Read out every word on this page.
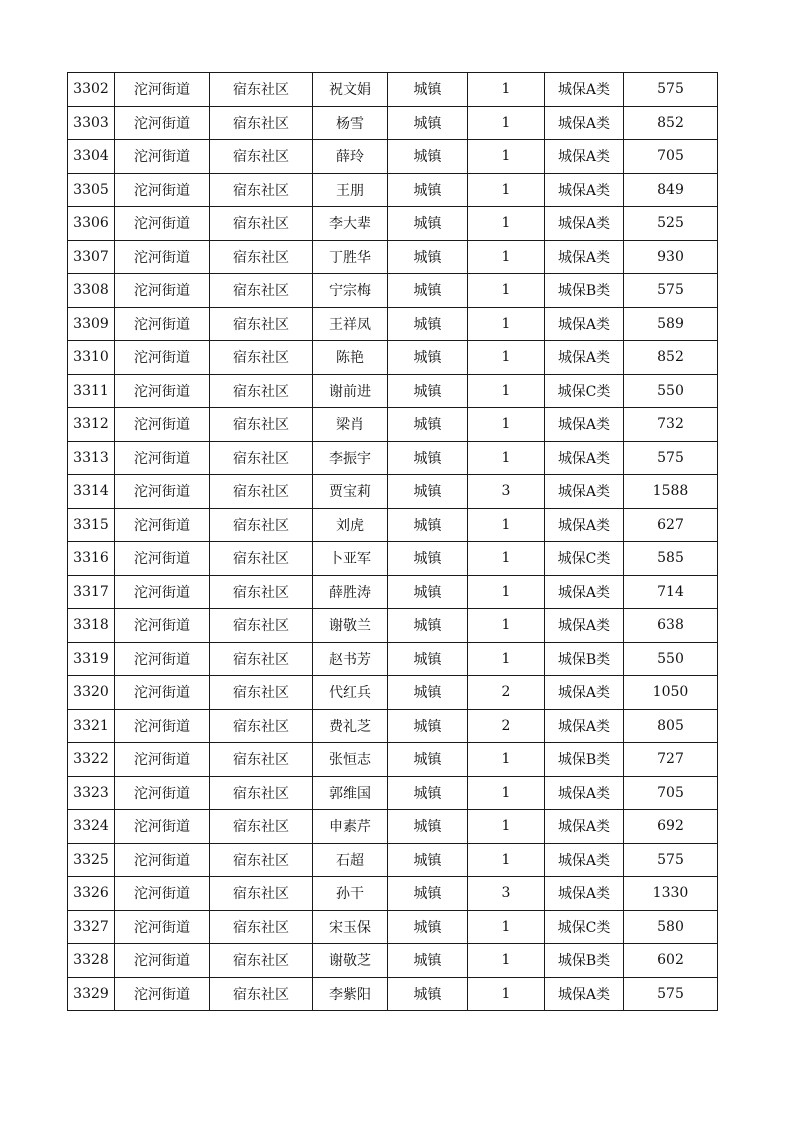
3302	沱河街道	宿东社区	祝文娟	城镇	1	城保A类	575
3303	沱河街道	宿东社区	杨雪	城镇	1	城保A类	852
3304	沱河街道	宿东社区	薛玲	城镇	1	城保A类	705
3305	沱河街道	宿东社区	王朋	城镇	1	城保A类	849
3306	沱河街道	宿东社区	李大辈	城镇	1	城保A类	525
3307	沱河街道	宿东社区	丁胜华	城镇	1	城保A类	930
3308	沱河街道	宿东社区	宁宗梅	城镇	1	城保B类	575
3309	沱河街道	宿东社区	王祥凤	城镇	1	城保A类	589
3310	沱河街道	宿东社区	陈艳	城镇	1	城保A类	852
3311	沱河街道	宿东社区	谢前进	城镇	1	城保C类	550
3312	沱河街道	宿东社区	梁肖	城镇	1	城保A类	732
3313	沱河街道	宿东社区	李振宇	城镇	1	城保A类	575
3314	沱河街道	宿东社区	贾宝莉	城镇	3	城保A类	1588
3315	沱河街道	宿东社区	刘虎	城镇	1	城保A类	627
3316	沱河街道	宿东社区	卜亚军	城镇	1	城保C类	585
3317	沱河街道	宿东社区	薛胜涛	城镇	1	城保A类	714
3318	沱河街道	宿东社区	谢敬兰	城镇	1	城保A类	638
3319	沱河街道	宿东社区	赵书芳	城镇	1	城保B类	550
3320	沱河街道	宿东社区	代红兵	城镇	2	城保A类	1050
3321	沱河街道	宿东社区	费礼芝	城镇	2	城保A类	805
3322	沱河街道	宿东社区	张恒志	城镇	1	城保B类	727
3323	沱河街道	宿东社区	郭维国	城镇	1	城保A类	705
3324	沱河街道	宿东社区	申素芹	城镇	1	城保A类	692
3325	沱河街道	宿东社区	石超	城镇	1	城保A类	575
3326	沱河街道	宿东社区	孙干	城镇	3	城保A类	1330
3327	沱河街道	宿东社区	宋玉保	城镇	1	城保C类	580
3328	沱河街道	宿东社区	谢敬芝	城镇	1	城保B类	602
3329	沱河街道	宿东社区	李紫阳	城镇	1	城保A类	575
